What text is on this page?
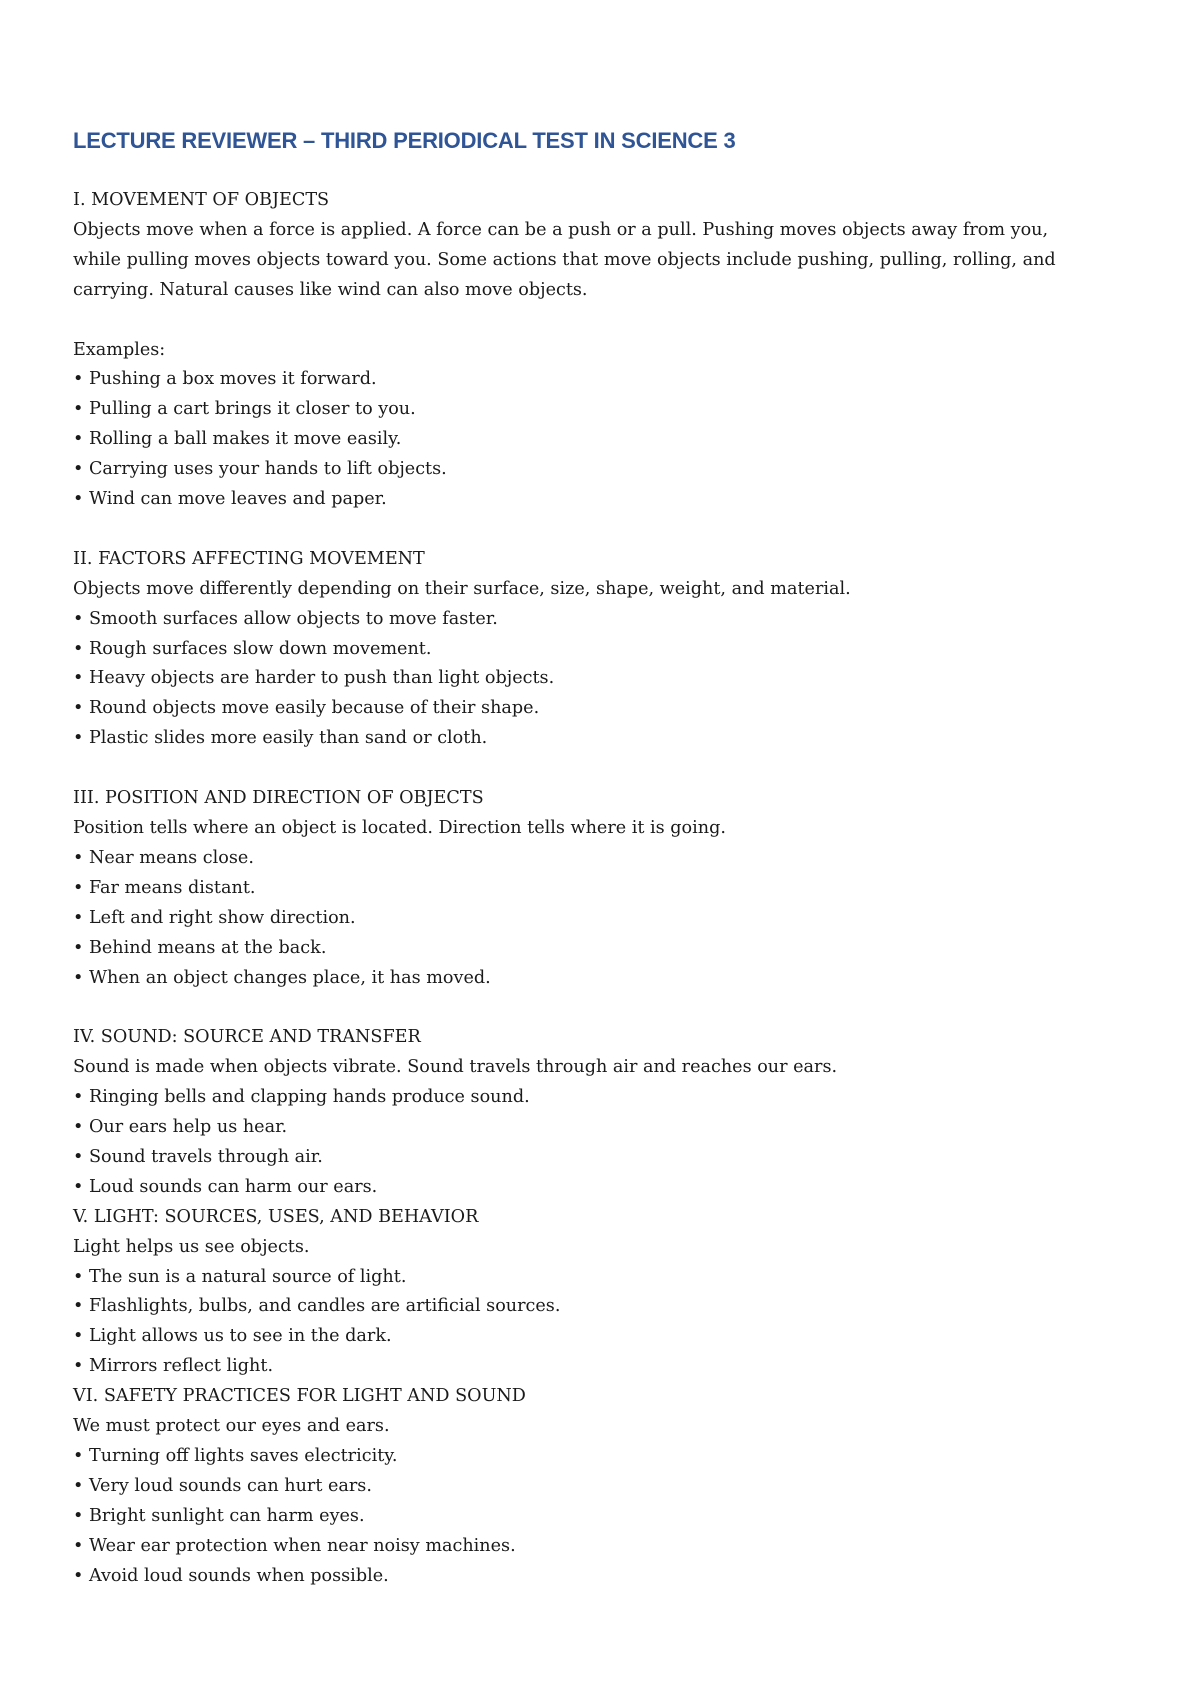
LECTURE REVIEWER – THIRD PERIODICAL TEST IN SCIENCE 3

I. MOVEMENT OF OBJECTS

Objects move when a force is applied. A force can be a push or a pull. Pushing moves objects away from you,

while pulling moves objects toward you. Some actions that move objects include pushing, pulling, rolling, and

carrying. Natural causes like wind can also move objects.

Examples:

• Pushing a box moves it forward.

• Pulling a cart brings it closer to you.

• Rolling a ball makes it move easily.

• Carrying uses your hands to lift objects.

• Wind can move leaves and paper.

II. FACTORS AFFECTING MOVEMENT

Objects move differently depending on their surface, size, shape, weight, and material.

• Smooth surfaces allow objects to move faster.

• Rough surfaces slow down movement.

• Heavy objects are harder to push than light objects.

• Round objects move easily because of their shape.

• Plastic slides more easily than sand or cloth.

III. POSITION AND DIRECTION OF OBJECTS

Position tells where an object is located. Direction tells where it is going.

• Near means close.

• Far means distant.

• Left and right show direction.

• Behind means at the back.

• When an object changes place, it has moved.

IV. SOUND: SOURCE AND TRANSFER

Sound is made when objects vibrate. Sound travels through air and reaches our ears.

• Ringing bells and clapping hands produce sound.

• Our ears help us hear.

• Sound travels through air.

• Loud sounds can harm our ears.

V. LIGHT: SOURCES, USES, AND BEHAVIOR

Light helps us see objects.

• The sun is a natural source of light.

• Flashlights, bulbs, and candles are artificial sources.

• Light allows us to see in the dark.

• Mirrors reflect light.

VI. SAFETY PRACTICES FOR LIGHT AND SOUND

We must protect our eyes and ears.

• Turning off lights saves electricity.

• Very loud sounds can hurt ears.

• Bright sunlight can harm eyes.

• Wear ear protection when near noisy machines.

• Avoid loud sounds when possible.
